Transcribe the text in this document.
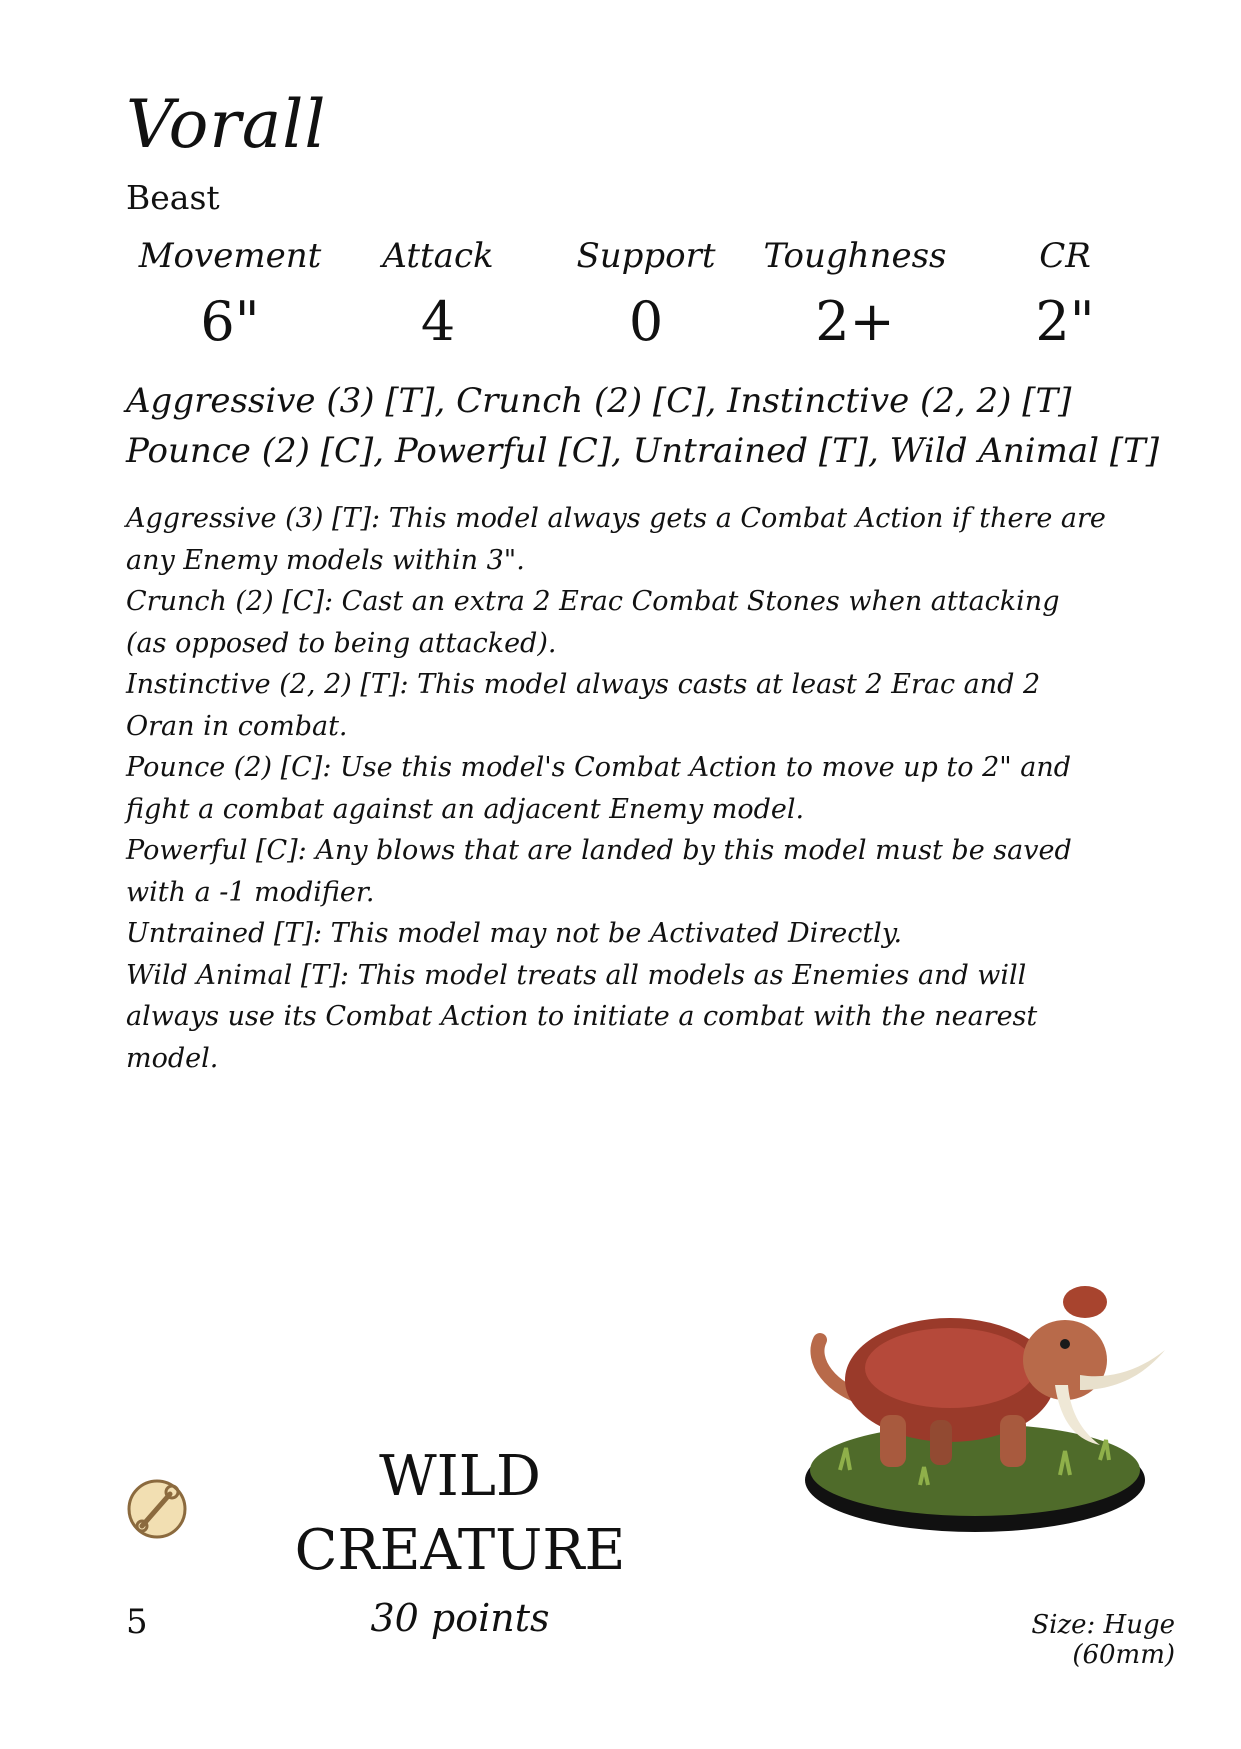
Vorall
Beast
Movement
6"
Attack
4
Support
0
Toughness
2+
CR
2"
Aggressive (3) [T], Crunch (2) [C], Instinctive (2, 2) [T]
Pounce (2) [C], Powerful [C], Untrained [T], Wild Animal [T]
Aggressive (3) [T]: This model always gets a Combat Action if there are any Enemy models within 3".
Crunch (2) [C]: Cast an extra 2 Erac Combat Stones when attacking (as opposed to being attacked).
Instinctive (2, 2) [T]: This model always casts at least 2 Erac and 2 Oran in combat.
Pounce (2) [C]: Use this model's Combat Action to move up to 2" and fight a combat against an adjacent Enemy model.
Powerful [C]: Any blows that are landed by this model must be saved with a -1 modifier.
Untrained [T]: This model may not be Activated Directly.
Wild Animal [T]: This model treats all models as Enemies and will always use its Combat Action to initiate a combat with the nearest model.
WILD
CREATURE
5	30 points	Size: Huge (60mm)
